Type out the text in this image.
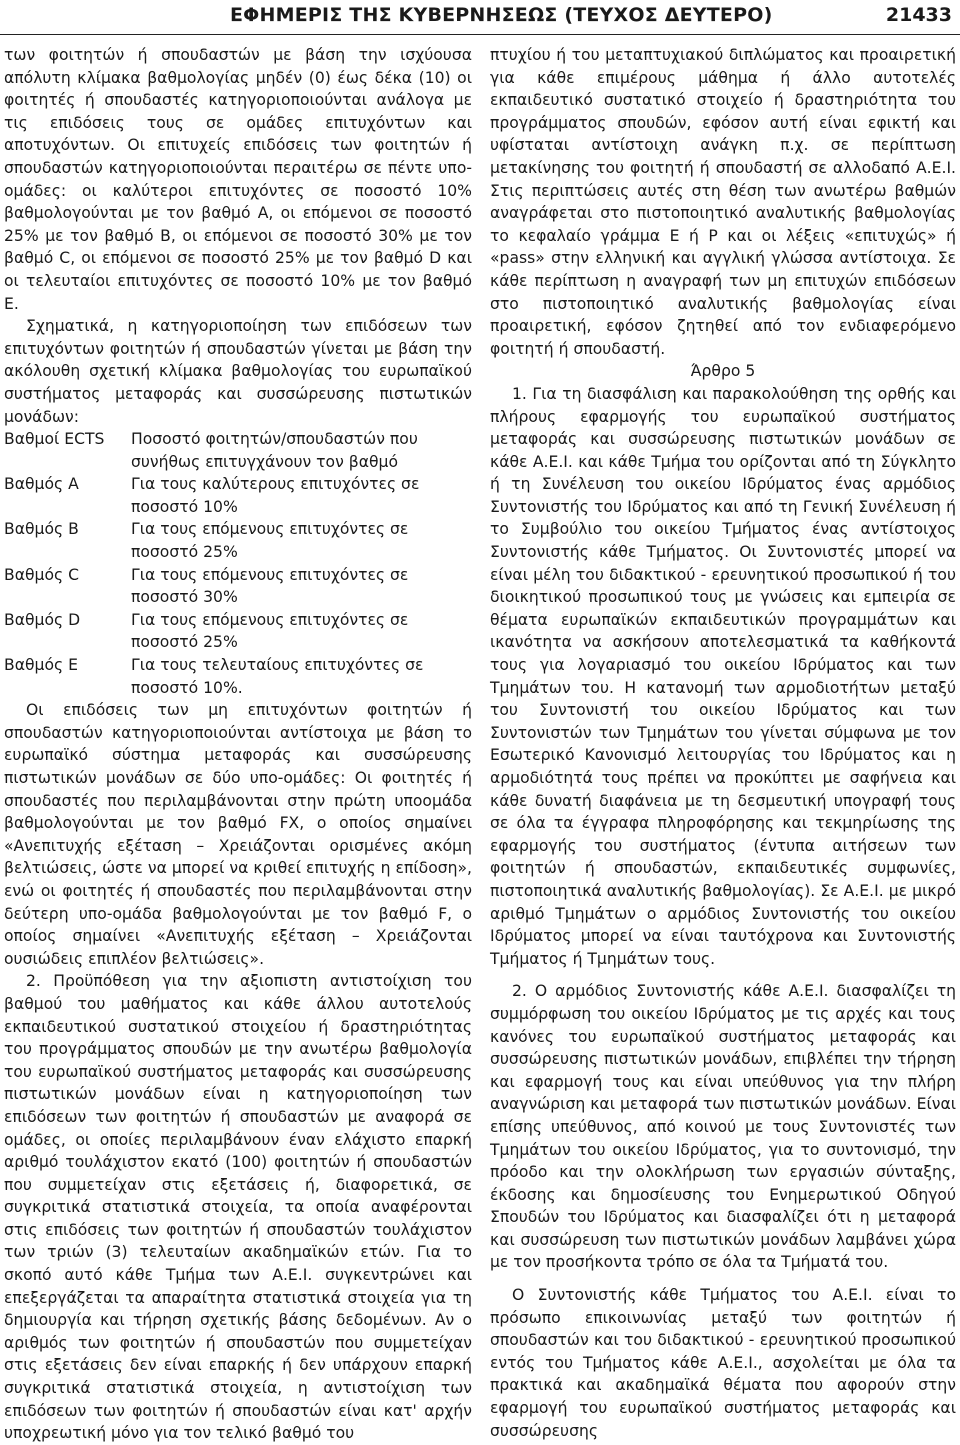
ΕΦΗΜΕΡΙΣ ΤΗΣ ΚΥΒΕΡΝΗΣΕΩΣ (ΤΕΥΧΟΣ ΔΕΥΤΕΡΟ)	21433

των φοιτητών ή σπουδαστών με βάση την ισχύουσα απόλυτη κλίμακα βαθμολογίας μηδέν (0) έως δέκα (10) οι φοιτητές ή σπουδαστές κατηγοριοποιούνται ανάλογα με τις επιδόσεις τους σε ομάδες επιτυχόντων και αποτυχόντων. Οι επιτυχείς επιδόσεις των φοιτητών ή σπουδαστών κατηγοριοποιούνται περαιτέρω σε πέντε υπο-ομάδες: οι καλύτεροι επιτυχόντες σε ποσοστό 10% βαθμολογούνται με τον βαθμό Α, οι επόμενοι σε ποσοστό 25% με τον βαθμό Β, οι επόμενοι σε ποσοστό 30% με τον βαθμό C, οι επόμενοι σε ποσοστό 25% με τον βαθμό D και οι τελευταίοι επιτυχόντες σε ποσοστό 10% με τον βαθμό Ε.

Σχηματικά, η κατηγοριοποίηση των επιδόσεων των επιτυχόντων φοιτητών ή σπουδαστών γίνεται με βάση την ακόλουθη σχετική κλίμακα βαθμολογίας του ευρωπαϊκού συστήματος μεταφοράς και συσσώρευσης πιστωτικών μονάδων:

Βαθμοί ECTS	Ποσοστό φοιτητών/σπουδαστών που συνήθως επιτυγχάνουν τον βαθμό
Βαθμός Α	Για τους καλύτερους επιτυχόντες σε ποσοστό 10%
Βαθμός Β	Για τους επόμενους επιτυχόντες σε ποσοστό 25%
Βαθμός C	Για τους επόμενους επιτυχόντες σε ποσοστό 30%
Βαθμός D	Για τους επόμενους επιτυχόντες σε ποσοστό 25%
Βαθμός Ε	Για τους τελευταίους επιτυχόντες σε ποσοστό 10%.

Οι επιδόσεις των μη επιτυχόντων φοιτητών ή σπουδαστών κατηγοριοποιούνται αντίστοιχα με βάση το ευρωπαϊκό σύστημα μεταφοράς και συσσώρευσης πιστωτικών μονάδων σε δύο υπο-ομάδες: Οι φοιτητές ή σπουδαστές που περιλαμβάνονται στην πρώτη υποομάδα βαθμολογούνται με τον βαθμό FX, ο οποίος σημαίνει «Ανεπιτυχής εξέταση – Χρειάζονται ορισμένες ακόμη βελτιώσεις, ώστε να μπορεί να κριθεί επιτυχής η επίδοση», ενώ οι φοιτητές ή σπουδαστές που περιλαμβάνονται στην δεύτερη υπο-ομάδα βαθμολογούνται με τον βαθμό F, ο οποίος σημαίνει «Ανεπιτυχής εξέταση – Χρειάζονται ουσιώδεις επιπλέον βελτιώσεις».

2. Προϋπόθεση για την αξιοπιστη αντιστοίχιση του βαθμού του μαθήματος και κάθε άλλου αυτοτελούς εκπαιδευτικού συστατικού στοιχείου ή δραστηριότητας του προγράμματος σπουδών με την ανωτέρω βαθμολογία του ευρωπαϊκού συστήματος μεταφοράς και συσσώρευσης πιστωτικών μονάδων είναι η κατηγοριοποίηση των επιδόσεων των φοιτητών ή σπουδαστών με αναφορά σε ομάδες, οι οποίες περιλαμβάνουν έναν ελάχιστο επαρκή αριθμό τουλάχιστον εκατό (100) φοιτητών ή σπουδαστών που συμμετείχαν στις εξετάσεις ή, διαφορετικά, σε συγκριτικά στατιστικά στοιχεία, τα οποία αναφέρονται στις επιδόσεις των φοιτητών ή σπουδαστών τουλάχιστον των τριών (3) τελευταίων ακαδημαϊκών ετών. Για το σκοπό αυτό κάθε Τμήμα των Α.Ε.Ι. συγκεντρώνει και επεξεργάζεται τα απαραίτητα στατιστικά στοιχεία για τη δημιουργία και τήρηση σχετικής βάσης δεδομένων. Αν ο αριθμός των φοιτητών ή σπουδαστών που συμμετείχαν στις εξετάσεις δεν είναι επαρκής ή δεν υπάρχουν επαρκή συγκριτικά στατιστικά στοιχεία, η αντιστοίχιση των επιδόσεων των φοιτητών ή σπουδαστών είναι κατ' αρχήν υποχρεωτική μόνο για τον τελικό βαθμό του

πτυχίου ή του μεταπτυχιακού διπλώματος και προαιρετική για κάθε επιμέρους μάθημα ή άλλο αυτοτελές εκπαιδευτικό συστατικό στοιχείο ή δραστηριότητα του προγράμματος σπουδών, εφόσον αυτή είναι εφικτή και υφίσταται αντίστοιχη ανάγκη π.χ. σε περίπτωση μετακίνησης του φοιτητή ή σπουδαστή σε αλλοδαπό Α.Ε.Ι. Στις περιπτώσεις αυτές στη θέση των ανωτέρω βαθμών αναγράφεται στο πιστοποιητικό αναλυτικής βαθμολογίας το κεφαλαίο γράμμα Ε ή Ρ και οι λέξεις «επιτυχώς» ή «pass» στην ελληνική και αγγλική γλώσσα αντίστοιχα. Σε κάθε περίπτωση η αναγραφή των μη επιτυχών επιδόσεων στο πιστοποιητικό αναλυτικής βαθμολογίας είναι προαιρετική, εφόσον ζητηθεί από τον ενδιαφερόμενο φοιτητή ή σπουδαστή.

Άρθρο 5

1. Για τη διασφάλιση και παρακολούθηση της ορθής και πλήρους εφαρμογής του ευρωπαϊκού συστήματος μεταφοράς και συσσώρευσης πιστωτικών μονάδων σε κάθε Α.Ε.Ι. και κάθε Τμήμα του ορίζονται από τη Σύγκλητο ή τη Συνέλευση του οικείου Ιδρύματος ένας αρμόδιος Συντονιστής του Ιδρύματος και από τη Γενική Συνέλευση ή το Συμβούλιο του οικείου Τμήματος ένας αντίστοιχος Συντονιστής κάθε Τμήματος. Οι Συντονιστές μπορεί να είναι μέλη του διδακτικού - ερευνητικού προσωπικού ή του διοικητικού προσωπικού τους με γνώσεις και εμπειρία σε θέματα ευρωπαϊκών εκπαιδευτικών προγραμμάτων και ικανότητα να ασκήσουν αποτελεσματικά τα καθήκοντά τους για λογαριασμό του οικείου Ιδρύματος και των Τμημάτων του. Η κατανομή των αρμοδιοτήτων μεταξύ του Συντονιστή του οικείου Ιδρύματος και των Συντονιστών των Τμημάτων του γίνεται σύμφωνα με τον Εσωτερικό Κανονισμό λειτουργίας του Ιδρύματος και η αρμοδιότητά τους πρέπει να προκύπτει με σαφήνεια και κάθε δυνατή διαφάνεια με τη δεσμευτική υπογραφή τους σε όλα τα έγγραφα πληροφόρησης και τεκμηρίωσης της εφαρμογής του συστήματος (έντυπα αιτήσεων των φοιτητών ή σπουδαστών, εκπαιδευτικές συμφωνίες, πιστοποιητικά αναλυτικής βαθμολογίας). Σε Α.Ε.Ι. με μικρό αριθμό Τμημάτων ο αρμόδιος Συντονιστής του οικείου Ιδρύματος μπορεί να είναι ταυτόχρονα και Συντονιστής Τμήματος ή Τμημάτων τους.

2. Ο αρμόδιος Συντονιστής κάθε Α.Ε.Ι. διασφαλίζει τη συμμόρφωση του οικείου Ιδρύματος με τις αρχές και τους κανόνες του ευρωπαϊκού συστήματος μεταφοράς και συσσώρευσης πιστωτικών μονάδων, επιβλέπει την τήρηση και εφαρμογή τους και είναι υπεύθυνος για την πλήρη αναγνώριση και μεταφορά των πιστωτικών μονάδων. Είναι επίσης υπεύθυνος, από κοινού με τους Συντονιστές των Τμημάτων του οικείου Ιδρύματος, για το συντονισμό, την πρόοδο και την ολοκλήρωση των εργασιών σύνταξης, έκδοσης και δημοσίευσης του Ενημερωτικού Οδηγού Σπουδών του Ιδρύματος και διασφαλίζει ότι η μεταφορά και συσσώρευση των πιστωτικών μονάδων λαμβάνει χώρα με τον προσήκοντα τρόπο σε όλα τα Τμήματά του.

Ο Συντονιστής κάθε Τμήματος του Α.Ε.Ι. είναι το πρόσωπο επικοινωνίας μεταξύ των φοιτητών ή σπουδαστών και του διδακτικού - ερευνητικού προσωπικού εντός του Τμήματος κάθε Α.Ε.Ι., ασχολείται με όλα τα πρακτικά και ακαδημαϊκά θέματα που αφορούν στην εφαρμογή του ευρωπαϊκού συστήματος μεταφοράς και συσσώρευσης
